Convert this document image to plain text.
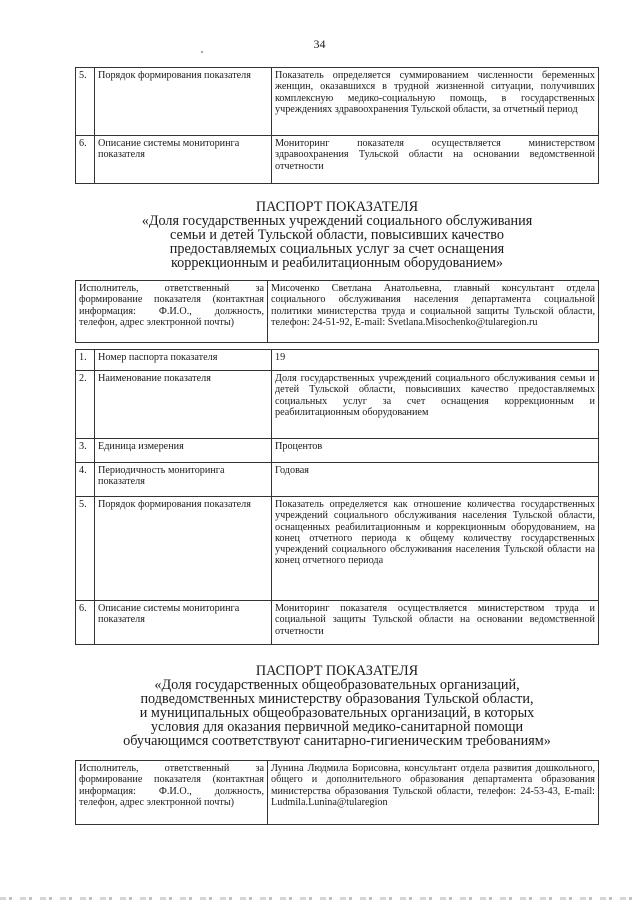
34
5.	Порядок формирования показателя	Показатель определяется суммированием численности беременных женщин, оказавшихся в трудной жизненной ситуации, получивших комплексную медико-социальную помощь, в государственных учреждениях здравоохранения Тульской области, за отчетный период
6.	Описание системы мониторинга показателя	Мониторинг показателя осуществляется министерством здравоохранения Тульской области на основании ведомственной отчетности
ПАСПОРТ ПОКАЗАТЕЛЯ
«Доля государственных учреждений социального обслуживания
семьи и детей Тульской области, повысивших качество
предоставляемых социальных услуг за счет оснащения
коррекционным и реабилитационным оборудованием»
Исполнитель, ответственный за формирование показателя (контактная информация: Ф.И.О., должность, телефон, адрес электронной почты)	Мисоченко Светлана Анатольевна, главный консультант отдела социального обслуживания населения департамента социальной политики министерства труда и социальной защиты Тульской области, телефон: 24-51-92, E-mail: Svetlana.Misochenko@tularegion.ru
1.	Номер паспорта показателя	19
2.	Наименование показателя	Доля государственных учреждений социального обслуживания семьи и детей Тульской области, повысивших качество предоставляемых социальных услуг за счет оснащения коррекционным и реабилитационным оборудованием
3.	Единица измерения	Процентов
4.	Периодичность мониторинга показателя	Годовая
5.	Порядок формирования показателя	Показатель определяется как отношение количества государственных учреждений социального обслуживания населения Тульской области, оснащенных реабилитационным и коррекционным оборудованием, на конец отчетного периода к общему количеству государственных учреждений социального обслуживания населения Тульской области на конец отчетного периода
6.	Описание системы мониторинга показателя	Мониторинг показателя осуществляется министерством труда и социальной защиты Тульской области на основании ведомственной отчетности
ПАСПОРТ ПОКАЗАТЕЛЯ
«Доля государственных общеобразовательных организаций,
подведомственных министерству образования Тульской области,
и муниципальных общеобразовательных организаций, в которых
условия для оказания первичной медико-санитарной помощи
обучающимся соответствуют санитарно-гигиеническим требованиям»
Исполнитель, ответственный за формирование показателя (контактная информация: Ф.И.О., должность, телефон, адрес электронной почты)	Лунина Людмила Борисовна, консультант отдела развития дошкольного, общего и дополнительного образования департамента образования министерства образования Тульской области, телефон: 24-53-43, E-mail: Ludmila.Lunina@tularegion
